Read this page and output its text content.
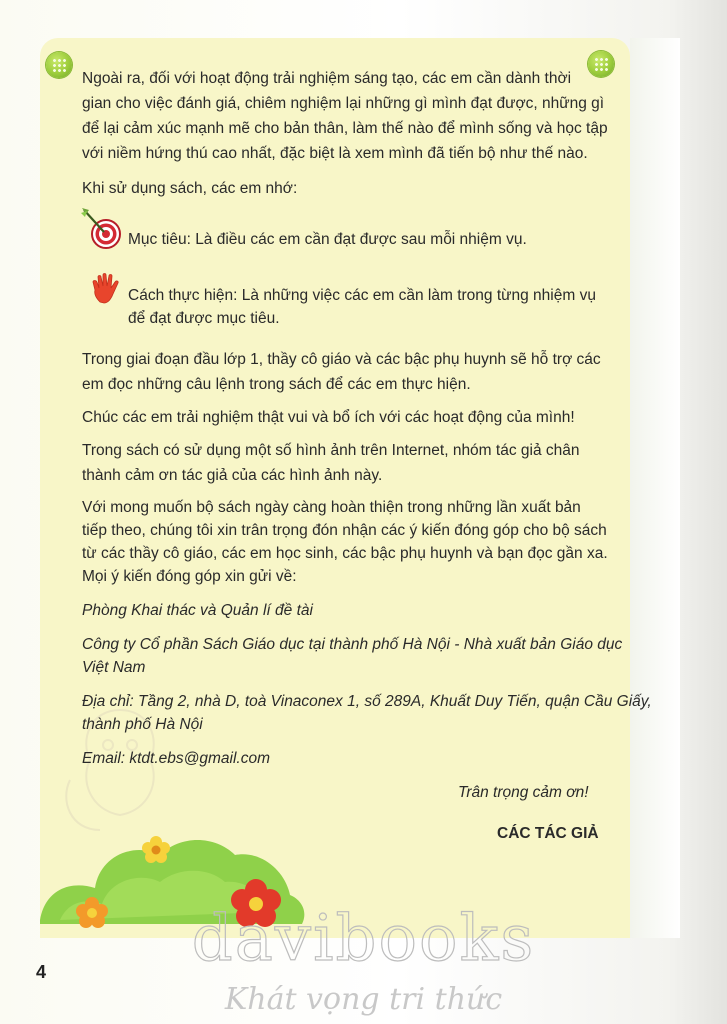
Ngoài ra, đối với hoạt động trải nghiệm sáng tạo, các em cần dành thời
gian cho việc đánh giá, chiêm nghiệm lại những gì mình đạt được, những gì
để lại cảm xúc mạnh mẽ cho bản thân, làm thế nào để mình sống và học tập
với niềm hứng thú cao nhất, đặc biệt là xem mình đã tiến bộ như thế nào.
Khi sử dụng sách, các em nhớ:
Mục tiêu: Là điều các em cần đạt được sau mỗi nhiệm vụ.
Cách thực hiện: Là những việc các em cần làm trong từng nhiệm vụ
để đạt được mục tiêu.
Trong giai đoạn đầu lớp 1, thầy cô giáo và các bậc phụ huynh sẽ hỗ trợ các
em đọc những câu lệnh trong sách để các em thực hiện.
Chúc các em trải nghiệm thật vui và bổ ích với các hoạt động của mình!
Trong sách có sử dụng một số hình ảnh trên Internet, nhóm tác giả chân
thành cảm ơn tác giả của các hình ảnh này.
Với mong muốn bộ sách ngày càng hoàn thiện trong những lần xuất bản
tiếp theo, chúng tôi xin trân trọng đón nhận các ý kiến đóng góp cho bộ sách
từ các thầy cô giáo, các em học sinh, các bậc phụ huynh và bạn đọc gần xa.
Mọi ý kiến đóng góp xin gửi về:
Phòng Khai thác và Quản lí đề tài
Công ty Cổ phần Sách Giáo dục tại thành phố Hà Nội - Nhà xuất bản Giáo dục
Việt Nam
Địa chỉ: Tầng 2, nhà D, toà Vinaconex 1, số 289A, Khuất Duy Tiến, quận Cầu Giấy,
thành phố Hà Nội
Email: ktdt.ebs@gmail.com
Trân trọng cảm ơn!
CÁC TÁC GIẢ
4	davibooks
Khát vọng tri thức
